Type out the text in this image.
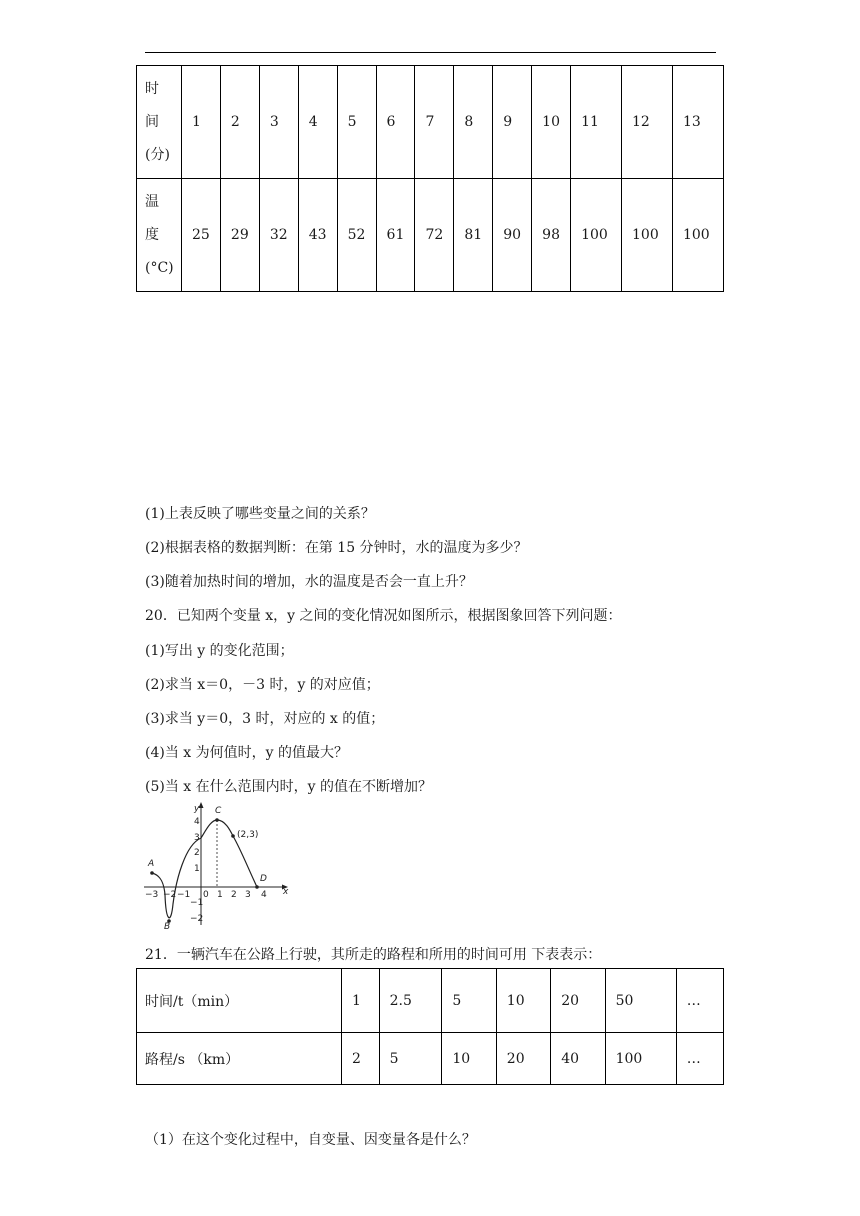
时
间
(分)	1	2	3	4	5	6	7	8	9	10	11	12	13

温
度
(°C)	25	29	32	43	52	61	72	81	90	98	100	100	100

(1)上表反映了哪些变量之间的关系？

(2)根据表格的数据判断：在第 15 分钟时，水的温度为多少？

(3)随着加热时间的增加，水的温度是否会一直上升？

20．已知两个变量 x，y 之间的变化情况如图所示，根据图象回答下列问题：

(1)写出 y 的变化范围；

(2)求当 x＝0，－3 时，y 的对应值；

(3)求当 y＝0，3 时，对应的 x 的值；

(4)当 x 为何值时，y 的值最大？

(5)当 x 在什么范围内时，y 的值在不断增加？

x
y
−3 −2 −1 0 1 2 3 4
4
3
2
1
−1
−2
A
B
C
(2,3)
D

21．一辆汽车在公路上行驶，其所走的路程和所用的时间可用 下表表示：

时间/t（min）	1	2.5	5	10	20	50	…
路程/s （km）	2	5	10	20	40	100	…

（1）在这个变化过程中，自变量、因变量各是什么？
